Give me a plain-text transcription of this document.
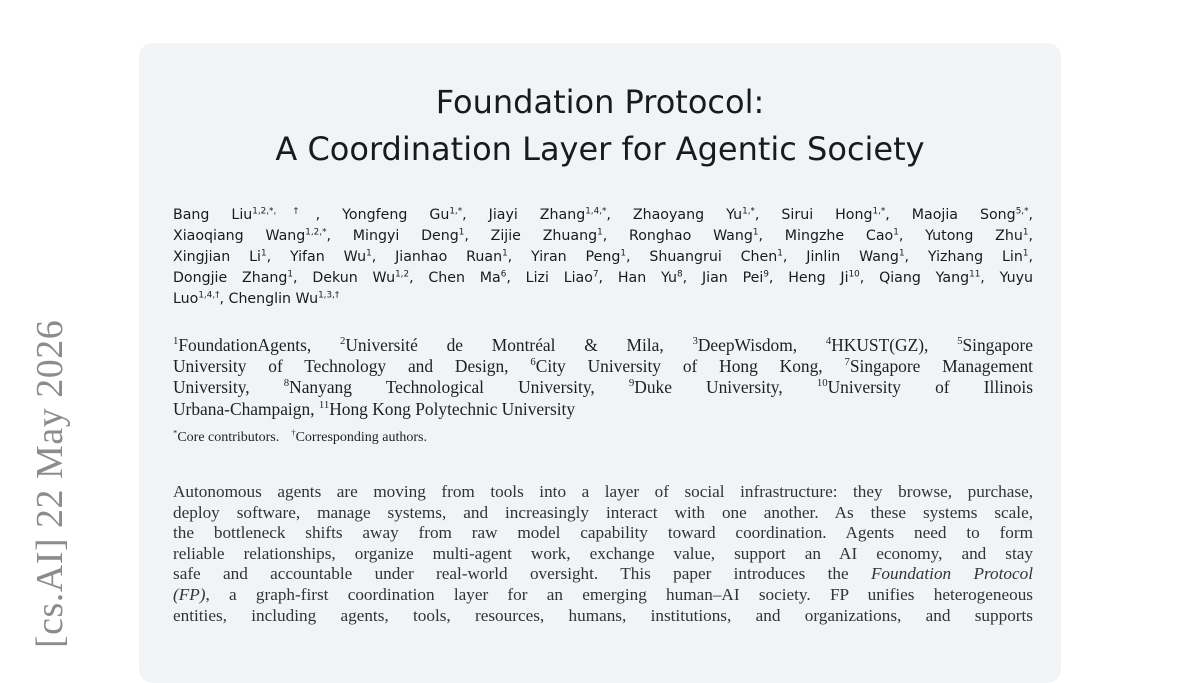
[cs.AI] 22 May 2026
Foundation Protocol:
A Coordination Layer for Agentic Society
Bang Liu$^{1,2,*,\dagger}$, Yongfeng $Gu^{1,*}$, Jiayi Zhang$^{1,4,*}$, Zhaoyang $Yu^{1,*}$, Sirui Hong$^{1,*}$, Maojia Song$^{5,*}$,
Xiaoqiang Wang$^{1,2,*}$, Mingyi Deng$^1$, Zijie Zhuang$^1$, Ronghao Wang$^1$, Mingzhe Cao$^1$, Yutong Zhu$^1$,
Xingjian Li$^1$, Yifan Wu$^1$, Jianhao Ruan$^1$, Yiran Peng$^1$, Shuangrui Chen$^1$, Jinlin Wang$^1$, Yizhang Lin$^1$,
Dongjie Zhang$^1$, Dekun Wu$^{1,2}$, Chen Ma$^6$, Lizi Liao$^7$, Han Yu$^8$, Jian Pei$^9$, Heng Ji$^{10}$, Qiang Yang$^{11}$, Yuyu
Luo$^{1,4,\dagger}$, Chenglin $Wu^{1,3,\dagger}$
$^1$FoundationAgents, $^2$Université de Montréal & Mila, $^3$DeepWisdom, $^4$HKUST(GZ), $^5$Singapore
University of Technology and Design, $^6$City University of Hong Kong, $^7$Singapore Management
University, $^8$Nanyang Technological University, $^9$Duke University, $^{10}$University of Illinois
Urbana-Champaign, $^{11}$Hong Kong Polytechnic University
*Core contributors. †Corresponding authors.
Autonomous agents are moving from tools into a layer of social infrastructure: they browse, purchase,
deploy software, manage systems, and increasingly interact with one another. As these systems scale,
the bottleneck shifts away from raw model capability toward coordination. Agents need to form
reliable relationships, organize multi-agent work, exchange value, support an AI economy, and stay
safe and accountable under real-world oversight. This paper introduces the Foundation Protocol
(FP), a graph-first coordination layer for an emerging human–AI society. FP unifies heterogeneous
entities, including agents, tools, resources, humans, institutions, and organizations, and supports
